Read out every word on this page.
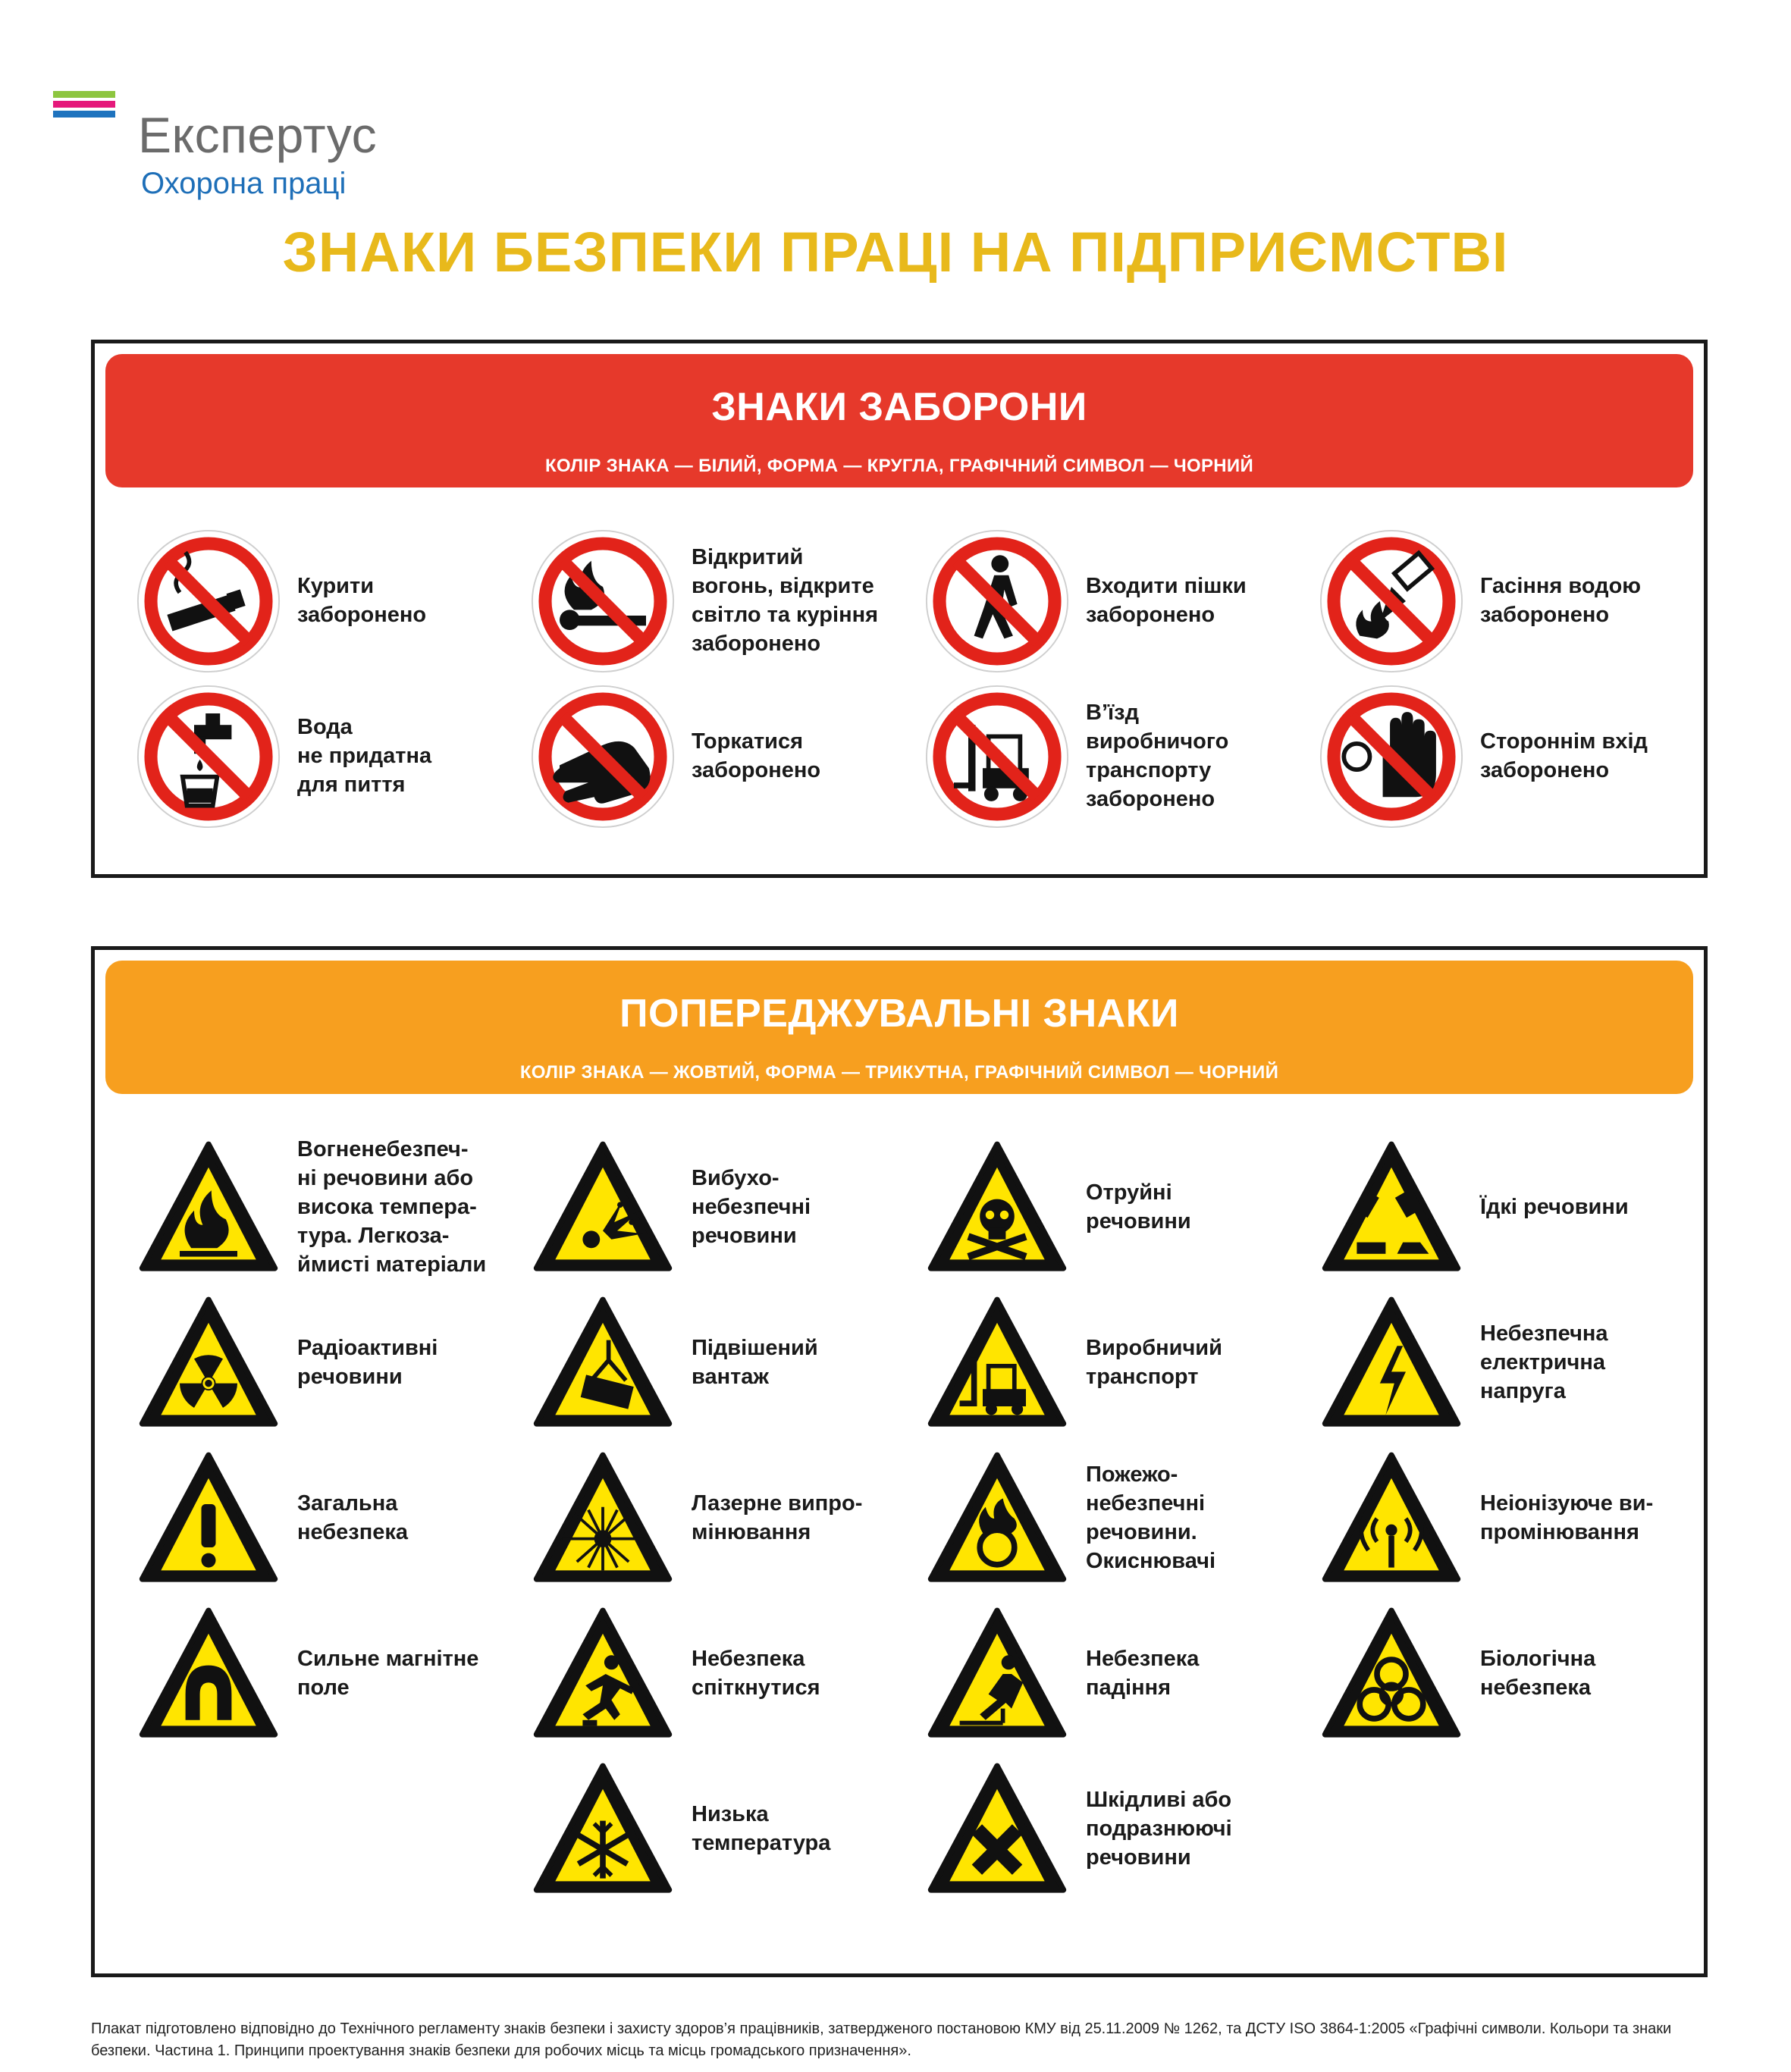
Експертус
Охорона праці
ЗНАКИ БЕЗПЕКИ ПРАЦІ НА ПІДПРИЄМСТВІ
ЗНАКИ ЗАБОРОНИ
КОЛІР ЗНАКА — БІЛИЙ, ФОРМА — КРУГЛА, ГРАФІЧНИЙ СИМВОЛ — ЧОРНИЙ
Курити
заборонено
Відкритий
вогонь, відкрите
світло та куріння
заборонено
Входити пішки
заборонено
Гасіння водою
заборонено
Вода
не придатна
для пиття
Торкатися
заборонено
В’їзд
виробничого
транспорту
заборонено
Стороннім вхід
заборонено
ПОПЕРЕДЖУВАЛЬНІ ЗНАКИ
КОЛІР ЗНАКА — ЖОВТИЙ, ФОРМА — ТРИКУТНА, ГРАФІЧНИЙ СИМВОЛ — ЧОРНИЙ
Вогненебезпеч-
ні речовини або
висока темпера-
тура. Легкоза-
ймисті матеріали
Вибухо-
небезпечні
речовини
Отруйні
речовини
Їдкі речовини
Радіоактивні
речовини
Підвішений
вантаж
Виробничий
транспорт
Небезпечна
електрична
напруга
Загальна
небезпека
Лазерне випро-
мінювання
Пожежо-
небезпечні
речовини.
Окиснювачі
Неіонізуюче ви-
промінювання
Сильне магнітне
поле
Небезпека
спіткнутися
Небезпека
падіння
Біологічна
небезпека
Низька
температура
Шкідливі або
подразнюючі
речовини
Плакат підготовлено відповідно до Технічного регламенту знаків безпеки і захисту здоров’я працівників, затвердженого постановою КМУ від 25.11.2009 № 1262, та ДСТУ ISO 3864-1:2005 «Графічні символи. Кольори та знаки безпеки. Частина 1. Принципи проектування знаків безпеки для робочих місць та місць громадського призначення».
